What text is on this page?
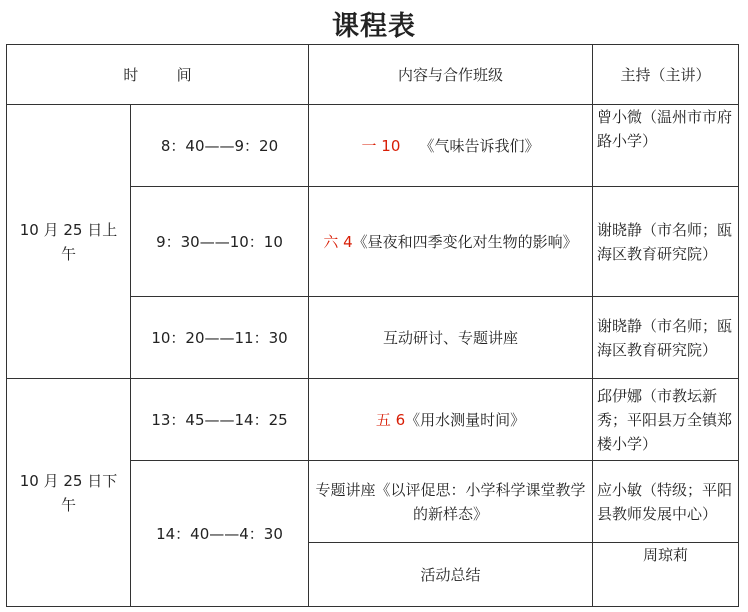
课程表
时        间		内容与合作班级	主持（主讲）
10 月 25 日上午	8：40——9：20	一 10 《气味告诉我们》	曾小微（温州市市府路小学）
	9：30——10：10	六 4《昼夜和四季变化对生物的影响》	谢晓静（市名师；瓯海区教育研究院）
	10：20——11：30	互动研讨、专题讲座	谢晓静（市名师；瓯海区教育研究院）
10 月 25 日下午	13：45——14：25	五 6《用水测量时间》	邱伊娜（市教坛新秀；平阳县万全镇郑楼小学）
	14：40——4：30	专题讲座《以评促思：小学科学课堂教学的新样态》	应小敏（特级；平阳县教师发展中心）
		活动总结	周琼莉
